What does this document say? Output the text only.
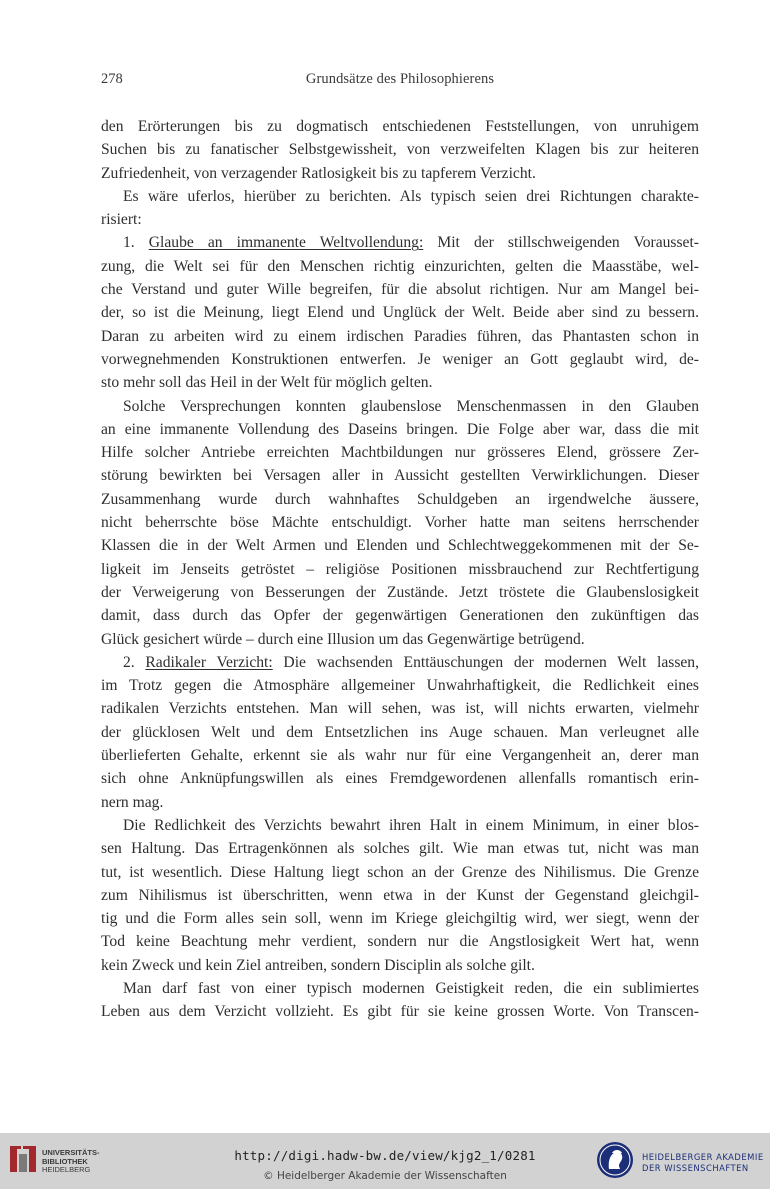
278	Grundsätze des Philosophierens
den Erörterungen bis zu dogmatisch entschiedenen Feststellungen, von unruhigem
Suchen bis zu fanatischer Selbstgewissheit, von verzweifelten Klagen bis zur heiteren
Zufriedenheit, von verzagender Ratlosigkeit bis zu tapferem Verzicht.
Es wäre uferlos, hierüber zu berichten. Als typisch seien drei Richtungen charakte-
risiert:
1. Glaube an immanente Weltvollendung: Mit der stillschweigenden Vorausset-
zung, die Welt sei für den Menschen richtig einzurichten, gelten die Maasstäbe, wel-
che Verstand und guter Wille begreifen, für die absolut richtigen. Nur am Mangel bei-
der, so ist die Meinung, liegt Elend und Unglück der Welt. Beide aber sind zu bessern.
Daran zu arbeiten wird zu einem irdischen Paradies führen, das Phantasten schon in
vorwegnehmenden Konstruktionen entwerfen. Je weniger an Gott geglaubt wird, de-
sto mehr soll das Heil in der Welt für möglich gelten.
Solche Versprechungen konnten glaubenslose Menschenmassen in den Glauben
an eine immanente Vollendung des Daseins bringen. Die Folge aber war, dass die mit
Hilfe solcher Antriebe erreichten Machtbildungen nur grösseres Elend, grössere Zer-
störung bewirkten bei Versagen aller in Aussicht gestellten Verwirklichungen. Dieser
Zusammenhang wurde durch wahnhaftes Schuldgeben an irgendwelche äussere,
nicht beherrschte böse Mächte entschuldigt. Vorher hatte man seitens herrschender
Klassen die in der Welt Armen und Elenden und Schlechtweggekommenen mit der Se-
ligkeit im Jenseits getröstet – religiöse Positionen missbrauchend zur Rechtfertigung
der Verweigerung von Besserungen der Zustände. Jetzt tröstete die Glaubenslosigkeit
damit, dass durch das Opfer der gegenwärtigen Generationen den zukünftigen das
Glück gesichert würde – durch eine Illusion um das Gegenwärtige betrügend.
2. Radikaler Verzicht: Die wachsenden Enttäuschungen der modernen Welt lassen,
im Trotz gegen die Atmosphäre allgemeiner Unwahrhaftigkeit, die Redlichkeit eines
radikalen Verzichts entstehen. Man will sehen, was ist, will nichts erwarten, vielmehr
der glücklosen Welt und dem Entsetzlichen ins Auge schauen. Man verleugnet alle
überlieferten Gehalte, erkennt sie als wahr nur für eine Vergangenheit an, derer man
sich ohne Anknüpfungswillen als eines Fremdgewordenen allenfalls romantisch erin-
nern mag.
Die Redlichkeit des Verzichts bewahrt ihren Halt in einem Minimum, in einer blos-
sen Haltung. Das Ertragenkönnen als solches gilt. Wie man etwas tut, nicht was man
tut, ist wesentlich. Diese Haltung liegt schon an der Grenze des Nihilismus. Die Grenze
zum Nihilismus ist überschritten, wenn etwa in der Kunst der Gegenstand gleichgil-
tig und die Form alles sein soll, wenn im Kriege gleichgiltig wird, wer siegt, wenn der
Tod keine Beachtung mehr verdient, sondern nur die Angstlosigkeit Wert hat, wenn
kein Zweck und kein Ziel antreiben, sondern Disciplin als solche gilt.
Man darf fast von einer typisch modernen Geistigkeit reden, die ein sublimiertes
Leben aus dem Verzicht vollzieht. Es gibt für sie keine grossen Worte. Von Transcen-
UNIVERSITÄTS-
BIBLIOTHEK
HEIDELBERG
http://digi.hadw-bw.de/view/kjg2_1/0281
© Heidelberger Akademie der Wissenschaften
HEIDELBERGER AKADEMIE
DER WISSENSCHAFTEN
